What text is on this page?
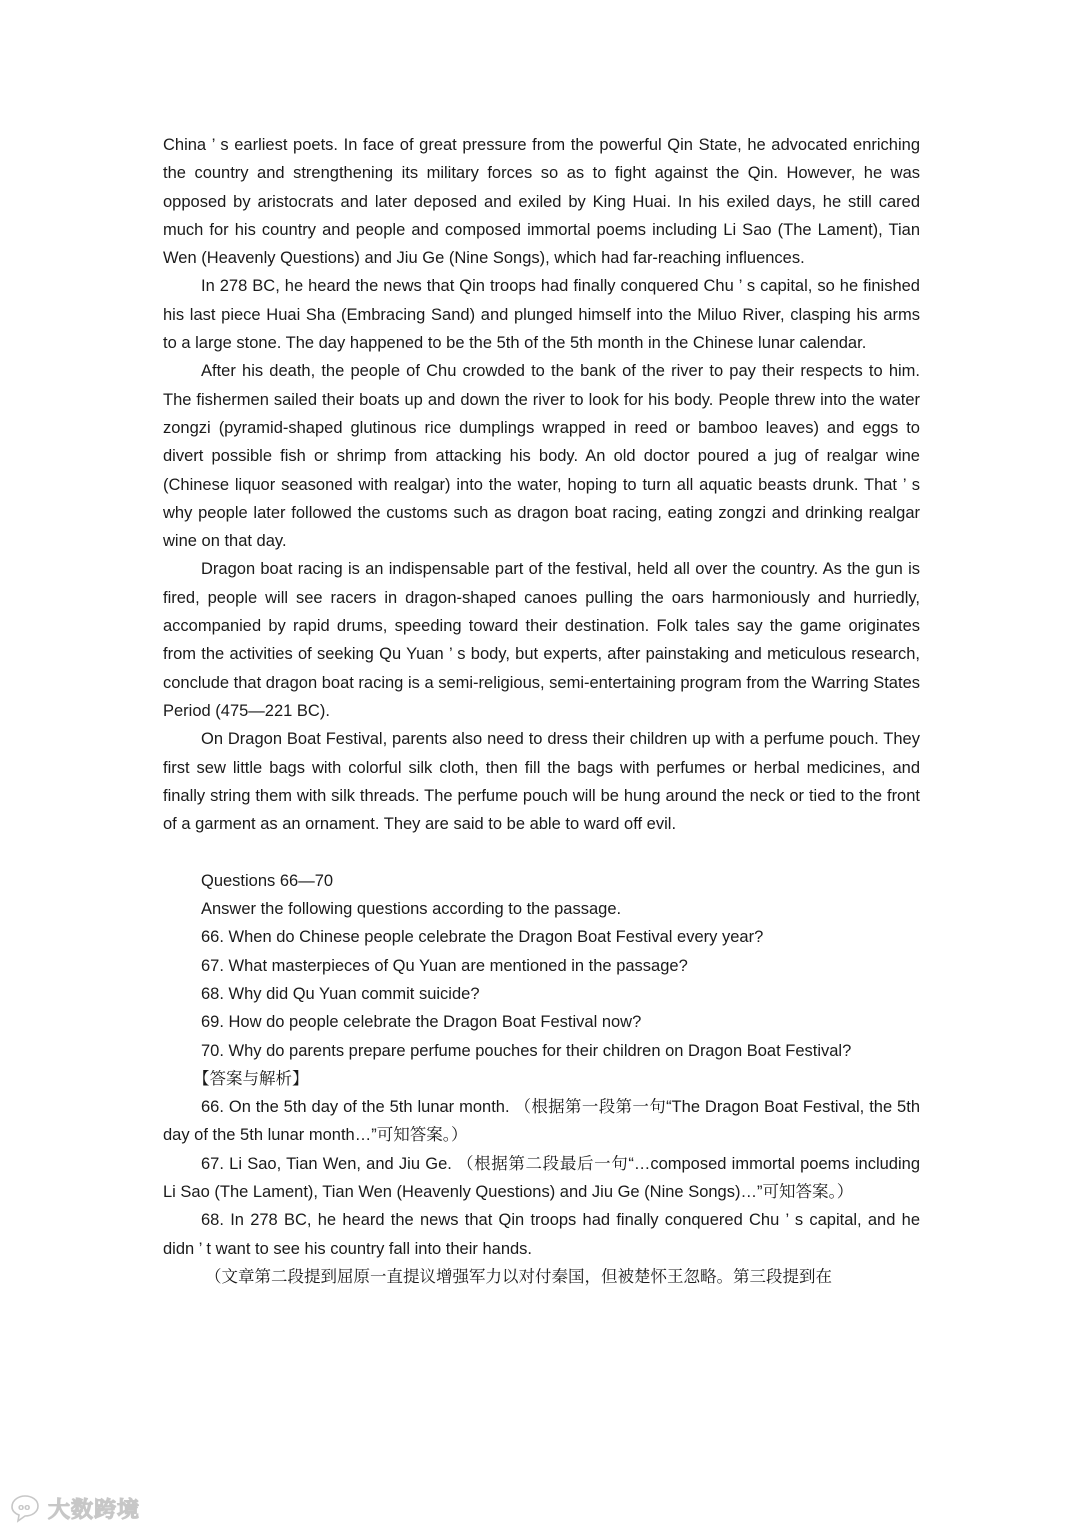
China ’ s earliest poets. In face of great pressure from the powerful Qin State, he advocated enriching the country and strengthening its military forces so as to fight against the Qin. However, he was opposed by aristocrats and later deposed and exiled by King Huai. In his exiled days, he still cared much for his country and people and composed immortal poems including Li Sao (The Lament), Tian Wen (Heavenly Questions) and Jiu Ge (Nine Songs), which had far-reaching influences.

In 278 BC, he heard the news that Qin troops had finally conquered Chu ’ s capital, so he finished his last piece Huai Sha (Embracing Sand) and plunged himself into the Miluo River, clasping his arms to a large stone. The day happened to be the 5th of the 5th month in the Chinese lunar calendar.

After his death, the people of Chu crowded to the bank of the river to pay their respects to him. The fishermen sailed their boats up and down the river to look for his body. People threw into the water zongzi (pyramid-shaped glutinous rice dumplings wrapped in reed or bamboo leaves) and eggs to divert possible fish or shrimp from attacking his body. An old doctor poured a jug of realgar wine (Chinese liquor seasoned with realgar) into the water, hoping to turn all aquatic beasts drunk. That ’ s why people later followed the customs such as dragon boat racing, eating zongzi and drinking realgar wine on that day.

Dragon boat racing is an indispensable part of the festival, held all over the country. As the gun is fired, people will see racers in dragon-shaped canoes pulling the oars harmoniously and hurriedly, accompanied by rapid drums, speeding toward their destination. Folk tales say the game originates from the activities of seeking Qu Yuan ’ s body, but experts, after painstaking and meticulous research, conclude that dragon boat racing is a semi-religious, semi-entertaining program from the Warring States Period (475—221 BC).

On Dragon Boat Festival, parents also need to dress their children up with a perfume pouch. They first sew little bags with colorful silk cloth, then fill the bags with perfumes or herbal medicines, and finally string them with silk threads. The perfume pouch will be hung around the neck or tied to the front of a garment as an ornament. They are said to be able to ward off evil.

Questions 66—70

Answer the following questions according to the passage.

66. When do Chinese people celebrate the Dragon Boat Festival every year?

67. What masterpieces of Qu Yuan are mentioned in the passage?

68. Why did Qu Yuan commit suicide?

69. How do people celebrate the Dragon Boat Festival now?

70. Why do parents prepare perfume pouches for their children on Dragon Boat Festival?

【答案与解析】

66. On the 5th day of the 5th lunar month. （根据第一段第一句“The Dragon Boat Festival, the 5th day of the 5th lunar month…”可知答案。）

67. Li Sao, Tian Wen, and Jiu Ge. （根据第二段最后一句“…composed immortal poems including Li Sao (The Lament), Tian Wen (Heavenly Questions) and Jiu Ge (Nine Songs)…”可知答案。）

68. In 278 BC, he heard the news that Qin troops had finally conquered Chu ’ s capital, and he didn ’ t want to see his country fall into their hands.

（文章第二段提到屈原一直提议增强军力以对付秦国，但被楚怀王忽略。第三段提到在

oo 大数跨境
